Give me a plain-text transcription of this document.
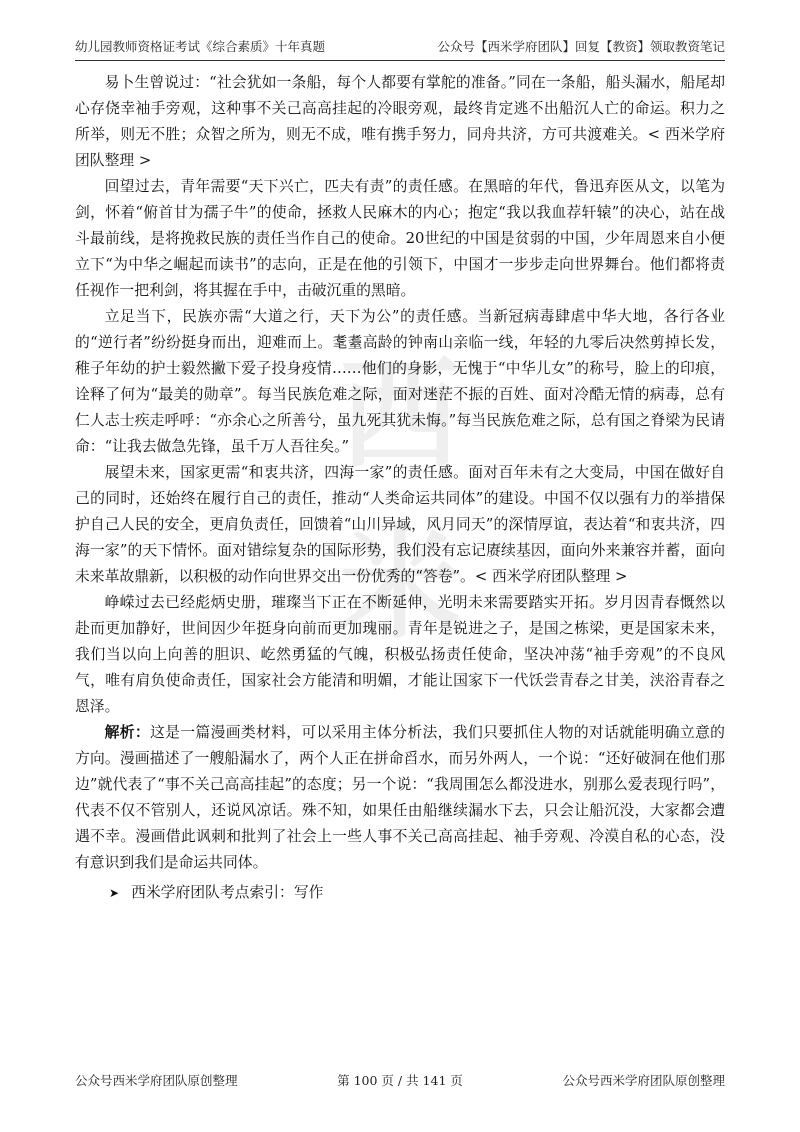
幼儿园教师资格证考试《综合素质》十年真题	公众号【西米学府团队】回复【教资】领取教资笔记
西米

易卜生曾说过：“社会犹如一条船，每个人都要有掌舵的准备。”同在一条船，船头漏水，船尾却心存侥幸袖手旁观，这种事不关己高高挂起的冷眼旁观，最终肯定逃不出船沉人亡的命运。积力之所举，则无不胜；众智之所为，则无不成，唯有携手努力，同舟共济，方可共渡难关。< 西米学府团队整理 >

回望过去，青年需要“天下兴亡，匹夫有责”的责任感。在黑暗的年代，鲁迅弃医从文，以笔为剑，怀着“俯首甘为孺子牛”的使命，拯救人民麻木的内心；抱定“我以我血荐轩辕”的决心，站在战斗最前线，是将挽救民族的责任当作自己的使命。20世纪的中国是贫弱的中国，少年周恩来自小便立下“为中华之崛起而读书”的志向，正是在他的引领下，中国才一步步走向世界舞台。他们都将责任视作一把利剑，将其握在手中，击破沉重的黑暗。

立足当下，民族亦需“大道之行，天下为公”的责任感。当新冠病毒肆虐中华大地，各行各业的“逆行者”纷纷挺身而出，迎难而上。耄耋高龄的钟南山亲临一线，年轻的九零后决然剪掉长发，稚子年幼的护士毅然撇下爱子投身疫情……他们的身影，无愧于“中华儿女”的称号，脸上的印痕，诠释了何为“最美的勋章”。每当民族危难之际，面对迷茫不振的百姓、面对冷酷无情的病毒，总有仁人志士疾走呼呼：“亦余心之所善兮，虽九死其犹未悔。”每当民族危难之际，总有国之脊梁为民请命：“让我去做急先锋，虽千万人吾往矣。”

展望未来，国家更需“和衷共济，四海一家”的责任感。面对百年未有之大变局，中国在做好自己的同时，还始终在履行自己的责任，推动“人类命运共同体”的建设。中国不仅以强有力的举措保护自己人民的安全，更肩负责任，回馈着“山川异域，风月同天”的深情厚谊，表达着“和衷共济，四海一家”的天下情怀。面对错综复杂的国际形势，我们没有忘记赓续基因，面向外来兼容并蓄，面向未来革故鼎新，以积极的动作向世界交出一份优秀的“答卷”。< 西米学府团队整理 >

峥嵘过去已经彪炳史册，璀璨当下正在不断延伸，光明未来需要踏实开拓。岁月因青春慨然以赴而更加静好，世间因少年挺身向前而更加瑰丽。青年是锐进之子，是国之栋梁，更是国家未来，我们当以向上向善的胆识、屹然勇猛的气魄，积极弘扬责任使命，坚决冲荡“袖手旁观”的不良风气，唯有肩负使命责任，国家社会方能清和明媚，才能让国家下一代饫尝青春之甘美，浃浴青春之恩泽。

解析：这是一篇漫画类材料，可以采用主体分析法，我们只要抓住人物的对话就能明确立意的方向。漫画描述了一艘船漏水了，两个人正在拼命舀水，而另外两人，一个说：“还好破洞在他们那边”就代表了“事不关己高高挂起”的态度；另一个说：“我周围怎么都没进水，别那么爱表现行吗”，代表不仅不管别人，还说风凉话。殊不知，如果任由船继续漏水下去，只会让船沉没，大家都会遭遇不幸。漫画借此讽刺和批判了社会上一些人事不关己高高挂起、袖手旁观、冷漠自私的心态，没有意识到我们是命运共同体。

➤ 西米学府团队考点索引：写作
公众号西米学府团队原创整理	第 100 页 / 共 141 页	公众号西米学府团队原创整理
